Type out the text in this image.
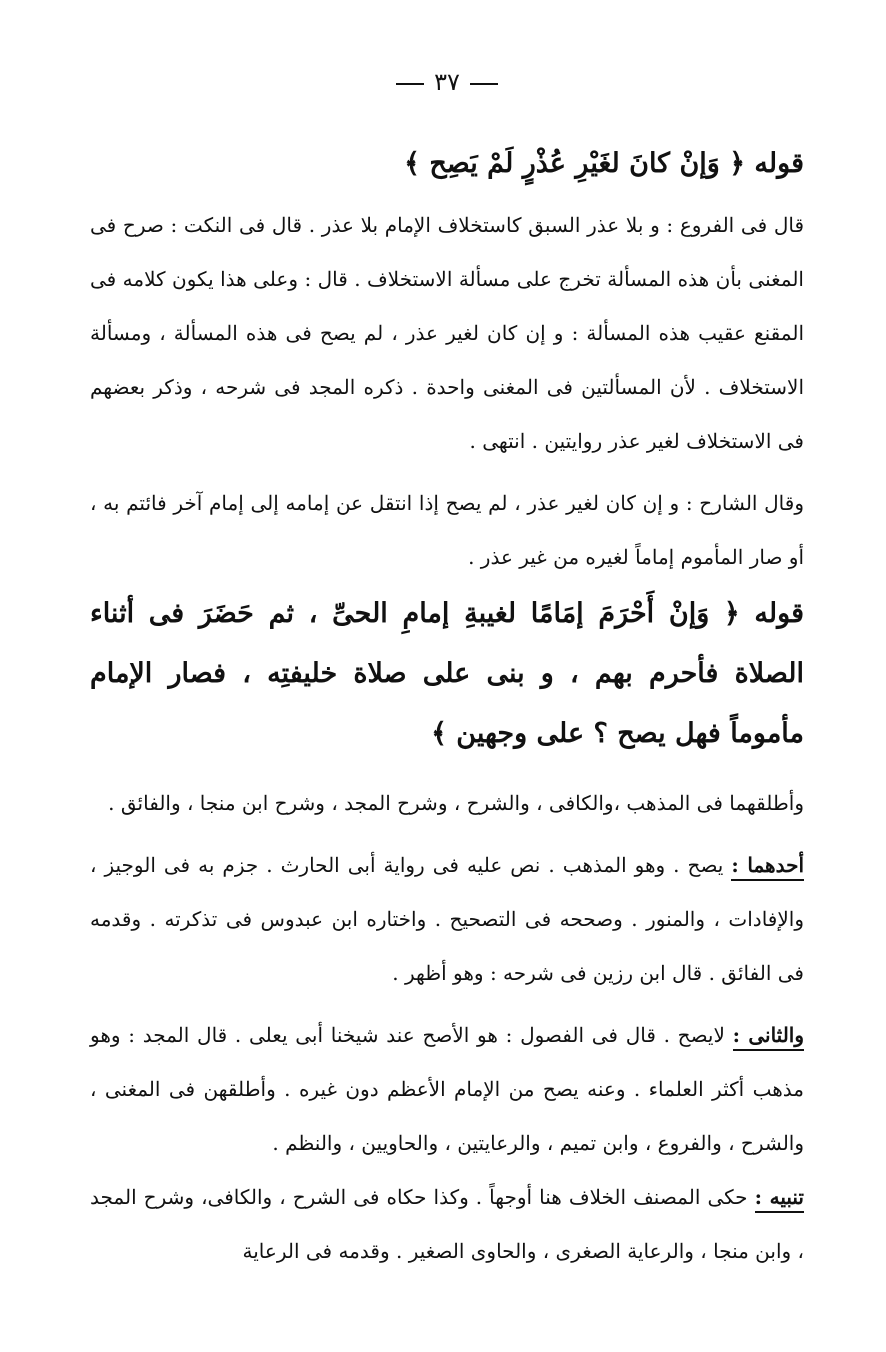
٣٧

قوله ﴿ وَإنْ كانَ لغَيْرِ عُذْرٍ لَمْ يَصِح ﴾

قال فى الفروع : و بلا عذر السبق كاستخلاف الإمام بلا عذر . قال فى النكت : صرح فى المغنى بأن هذه المسألة تخرج على مسألة الاستخلاف . قال : وعلى هذا يكون كلامه فى المقنع عقيب هذه المسألة : و إن كان لغير عذر ، لم يصح فى هذه المسألة ، ومسألة الاستخلاف . لأن المسألتين فى المغنى واحدة . ذكره المجد فى شرحه ، وذكر بعضهم فى الاستخلاف لغير عذر روايتين . انتهى .

وقال الشارح : و إن كان لغير عذر ، لم يصح إذا انتقل عن إمامه إلى إمام آخر فائتم به ، أو صار المأموم إماماً لغيره من غير عذر .

قوله ﴿ وَإنْ أَحْرَمَ إمَامًا لغيبةِ إمامِ الحىِّ ، ثم حَضَرَ فى أثناء الصلاة فأحرم بهم ، و بنى على صلاة خليفتِه ، فصار الإمام مأموماً فهل يصح ؟ على وجهين ﴾

وأطلقهما فى المذهب ،والكافى ، والشرح ، وشرح المجد ، وشرح ابن منجا ، والفائق .

أحدهما : يصح . وهو المذهب . نص عليه فى رواية أبى الحارث . جزم به فى الوجيز ، والإفادات ، والمنور . وصححه فى التصحيح . واختاره ابن عبدوس فى تذكرته . وقدمه فى الفائق . قال ابن رزين فى شرحه : وهو أظهر .

والثانى : لايصح . قال فى الفصول : هو الأصح عند شيخنا أبى يعلى . قال المجد : وهو مذهب أكثر العلماء . وعنه يصح من الإمام الأعظم دون غيره . وأطلقهن فى المغنى ، والشرح ، والفروع ، وابن تميم ، والرعايتين ، والحاويين ، والنظم .

تنبيه : حكى المصنف الخلاف هنا أوجهاً . وكذا حكاه فى الشرح ، والكافى، وشرح المجد ، وابن منجا ، والرعاية الصغرى ، والحاوى الصغير . وقدمه فى الرعاية
